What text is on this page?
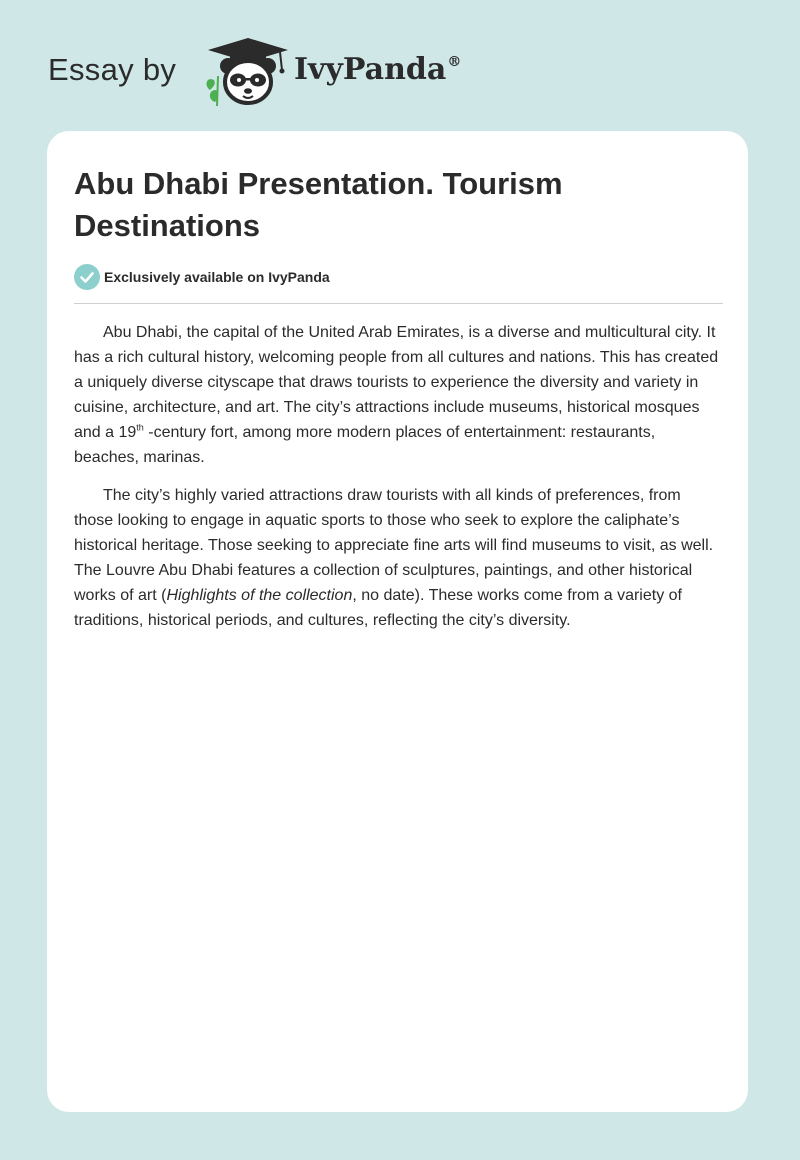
Essay by	IvyPanda®
Abu Dhabi Presentation. Tourism Destinations
Exclusively available on IvyPanda

Abu Dhabi, the capital of the United Arab Emirates, is a diverse and multicultural city. It has a rich cultural history, welcoming people from all cultures and nations. This has created a uniquely diverse cityscape that draws tourists to experience the diversity and variety in cuisine, architecture, and art. The city’s attractions include museums, historical mosques and a 19th -century fort, among more modern places of entertainment: restaurants, beaches, marinas.

The city’s highly varied attractions draw tourists with all kinds of preferences, from those looking to engage in aquatic sports to those who seek to explore the caliphate’s historical heritage. Those seeking to appreciate fine arts will find museums to visit, as well. The Louvre Abu Dhabi features a collection of sculptures, paintings, and other historical works of art (Highlights of the collection, no date). These works come from a variety of traditions, historical periods, and cultures, reflecting the city’s diversity.
